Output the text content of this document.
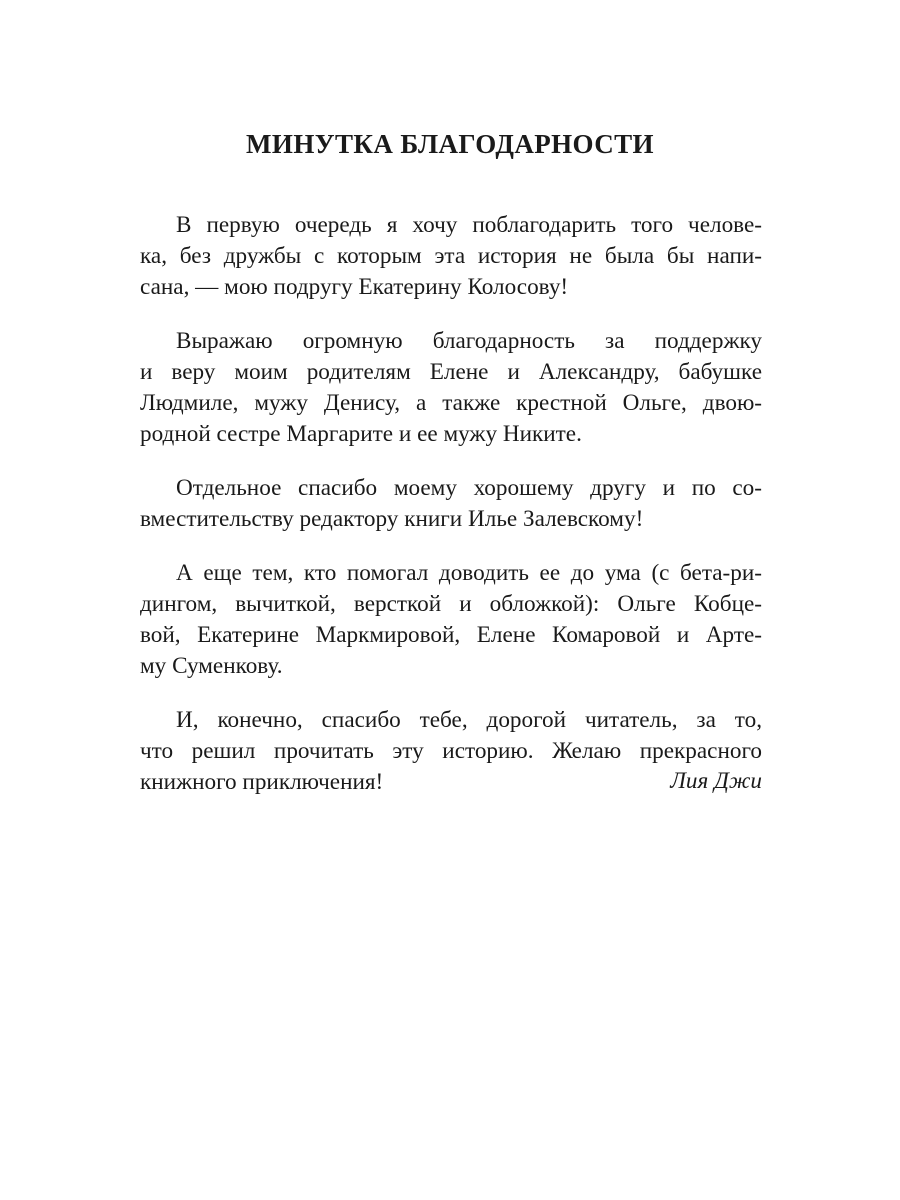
МИНУТКА БЛАГОДАРНОСТИ
В первую очередь я хочу поблагодарить того челове-
ка, без дружбы с которым эта история не была бы напи-
сана, — мою подругу Екатерину Колосову!
Выражаю огромную благодарность за поддержку
и веру моим родителям Елене и Александру, бабушке
Людмиле, мужу Денису, а также крестной Ольге, двою-
родной сестре Маргарите и ее мужу Никите.
Отдельное спасибо моему хорошему другу и по со-
вместительству редактору книги Илье Залевскому!
А еще тем, кто помогал доводить ее до ума (с бета-ри-
дингом, вычиткой, версткой и обложкой): Ольге Кобце-
вой, Екатерине Маркмировой, Елене Комаровой и Арте-
му Суменкову.
И, конечно, спасибо тебе, дорогой читатель, за то,
что решил прочитать эту историю. Желаю прекрасного
книжного приключения!	Лия Джи
